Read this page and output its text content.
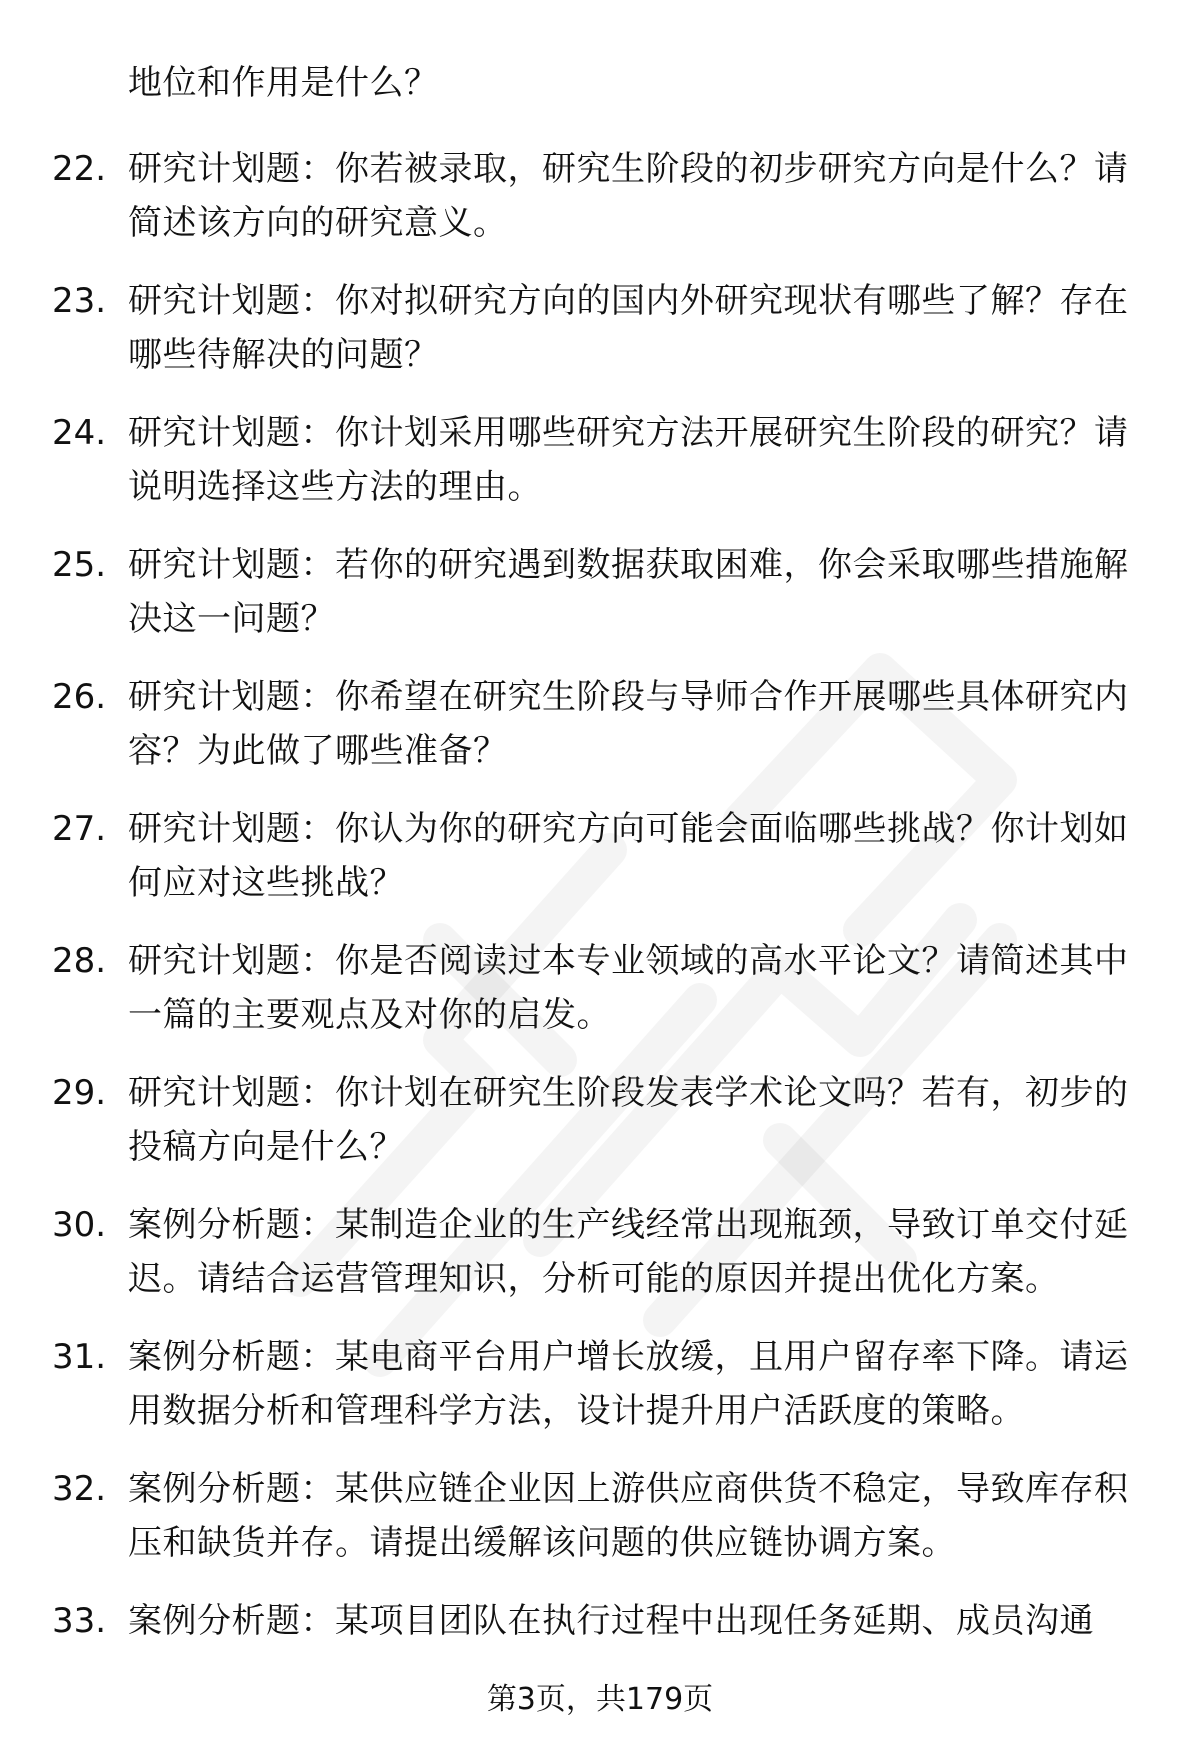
地位和作用是什么？
22. 研究计划题：你若被录取，研究生阶段的初步研究方向是什么？请简述该方向的研究意义。
23. 研究计划题：你对拟研究方向的国内外研究现状有哪些了解？存在哪些待解决的问题？
24. 研究计划题：你计划采用哪些研究方法开展研究生阶段的研究？请说明选择这些方法的理由。
25. 研究计划题：若你的研究遇到数据获取困难，你会采取哪些措施解决这一问题？
26. 研究计划题：你希望在研究生阶段与导师合作开展哪些具体研究内容？为此做了哪些准备？
27. 研究计划题：你认为你的研究方向可能会面临哪些挑战？你计划如何应对这些挑战？
28. 研究计划题：你是否阅读过本专业领域的高水平论文？请简述其中一篇的主要观点及对你的启发。
29. 研究计划题：你计划在研究生阶段发表学术论文吗？若有，初步的投稿方向是什么？
30. 案例分析题：某制造企业的生产线经常出现瓶颈，导致订单交付延迟。请结合运营管理知识，分析可能的原因并提出优化方案。
31. 案例分析题：某电商平台用户增长放缓，且用户留存率下降。请运用数据分析和管理科学方法，设计提升用户活跃度的策略。
32. 案例分析题：某供应链企业因上游供应商供货不稳定，导致库存积压和缺货并存。请提出缓解该问题的供应链协调方案。
33. 案例分析题：某项目团队在执行过程中出现任务延期、成员沟通
第3页，共179页
